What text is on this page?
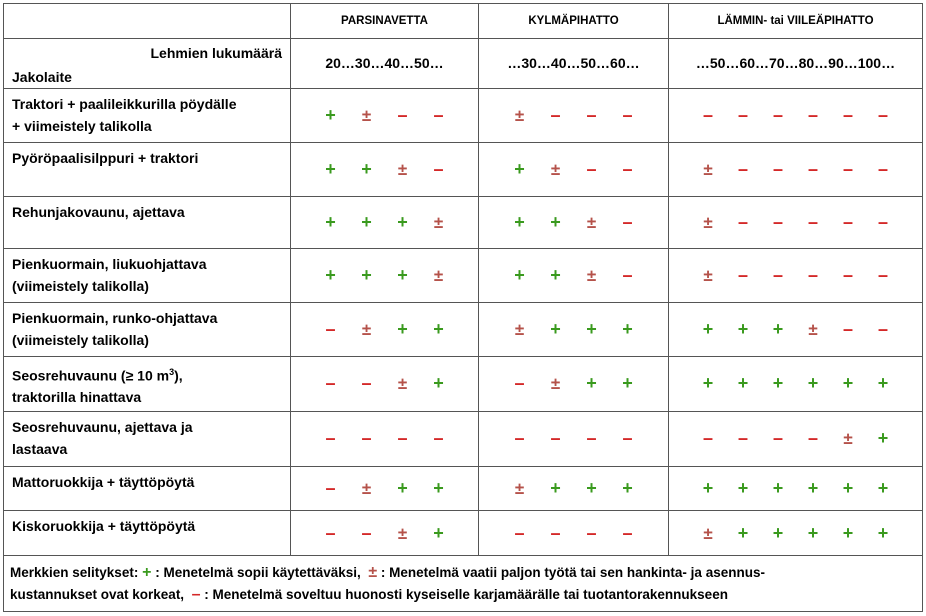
	PARSINAVETTA	KYLMÄPIHATTO	LÄMMIN- tai VIILEÄPIHATTO

Lehmien lukumäärä
Jakolaite	20…30…40…50…	…30…40…50…60…	…50…60…70…80…90…100…
Traktori + paalileikkurilla pöydälle
+ viimeistely talikolla	+ ± – –	± – – –	– – – – – –
Pyöröpaalisilppuri + traktori	+ + ± –	+ ± – –	± – – – – –
Rehunjakovaunu, ajettava	+ + + ±	+ + ± –	± – – – – –
Pienkuormain, liukuohjattava
(viimeistely talikolla)	+ + + ±	+ + ± –	± – – – – –
Pienkuormain, runko-ohjattava
(viimeistely talikolla)	– ± + +	± + + +	+ + + ± – –
Seosrehuvaunu (≥ 10 $m^3$),
traktorilla hinattava	– – ± +	– ± + +	+ + + + + +
Seosrehuvaunu, ajettava ja
lastaava	– – – –	– – – –	– – – – ± +
Mattoruokkija + täyttöpöytä	– ± + +	± + + +	+ + + + + +
Kiskoruokkija + täyttöpöytä	– – ± +	– – – –	± + + + + +
Merkkien selitykset: + : Menetelmä sopii käytettäväksi, ± : Menetelmä vaatii paljon työtä tai sen hankinta- ja asennus-
kustannukset ovat korkeat, – : Menetelmä soveltuu huonosti kyseiselle karjamäärälle tai tuotantorakennukseen			
